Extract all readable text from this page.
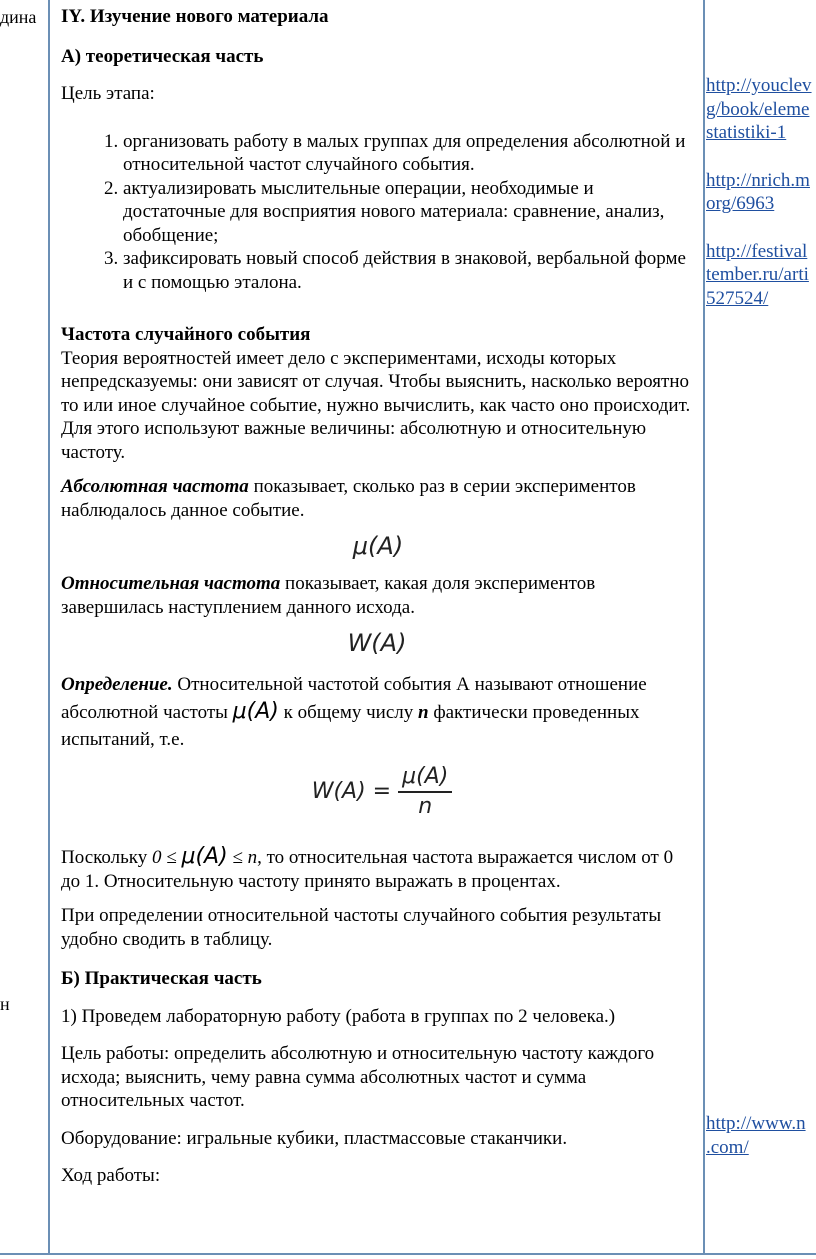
дина
н

IY. Изучение нового материала

А) теоретическая часть

Цель этапа:

1. организовать работу в малых группах для определения абсолютной и относительной частот случайного события.
2. актуализировать мыслительные операции, необходимые и достаточные для восприятия нового материала: сравнение, анализ, обобщение;
3. зафиксировать новый способ действия в знаковой, вербальной форме и с помощью эталона.

Частота случайного события

Теория вероятностей имеет дело с экспериментами, исходы которых непредсказуемы: они зависят от случая. Чтобы выяснить, насколько вероятно то или иное случайное событие, нужно вычислить, как часто оно происходит. Для этого используют важные величины: абсолютную и относительную частоту.

Абсолютная частота показывает, сколько раз в серии экспериментов наблюдалось данное событие.

μ(A)

Относительная частота показывает, какая доля экспериментов завершилась наступлением данного исхода.

W(A)

Определение. Относительной частотой события А называют отношение абсолютной частоты μ(A) к общему числу n фактически проведенных испытаний, т.е.

$W(A) = \frac{\mu(A)}{n}$

Поскольку 0 ≤ μ(A) ≤ n, то относительная частота выражается числом от 0 до 1. Относительную частоту принято выражать в процентах.

При определении относительной частоты случайного события результаты удобно сводить в таблицу.

Б) Практическая часть

1) Проведем лабораторную работу (работа в группах по 2 человека.)

Цель работы: определить абсолютную и относительную частоту каждого исхода; выяснить, чему равна сумма абсолютных частот и сумма относительных частот.

Оборудование: игральные кубики, пластмассовые стаканчики.

Ход работы:

http://youclev
g/book/eleme
statistiki-1
http://nrich.m
org/6963
http://festival
tember.ru/arti
527524/
http://www.n
.com/
